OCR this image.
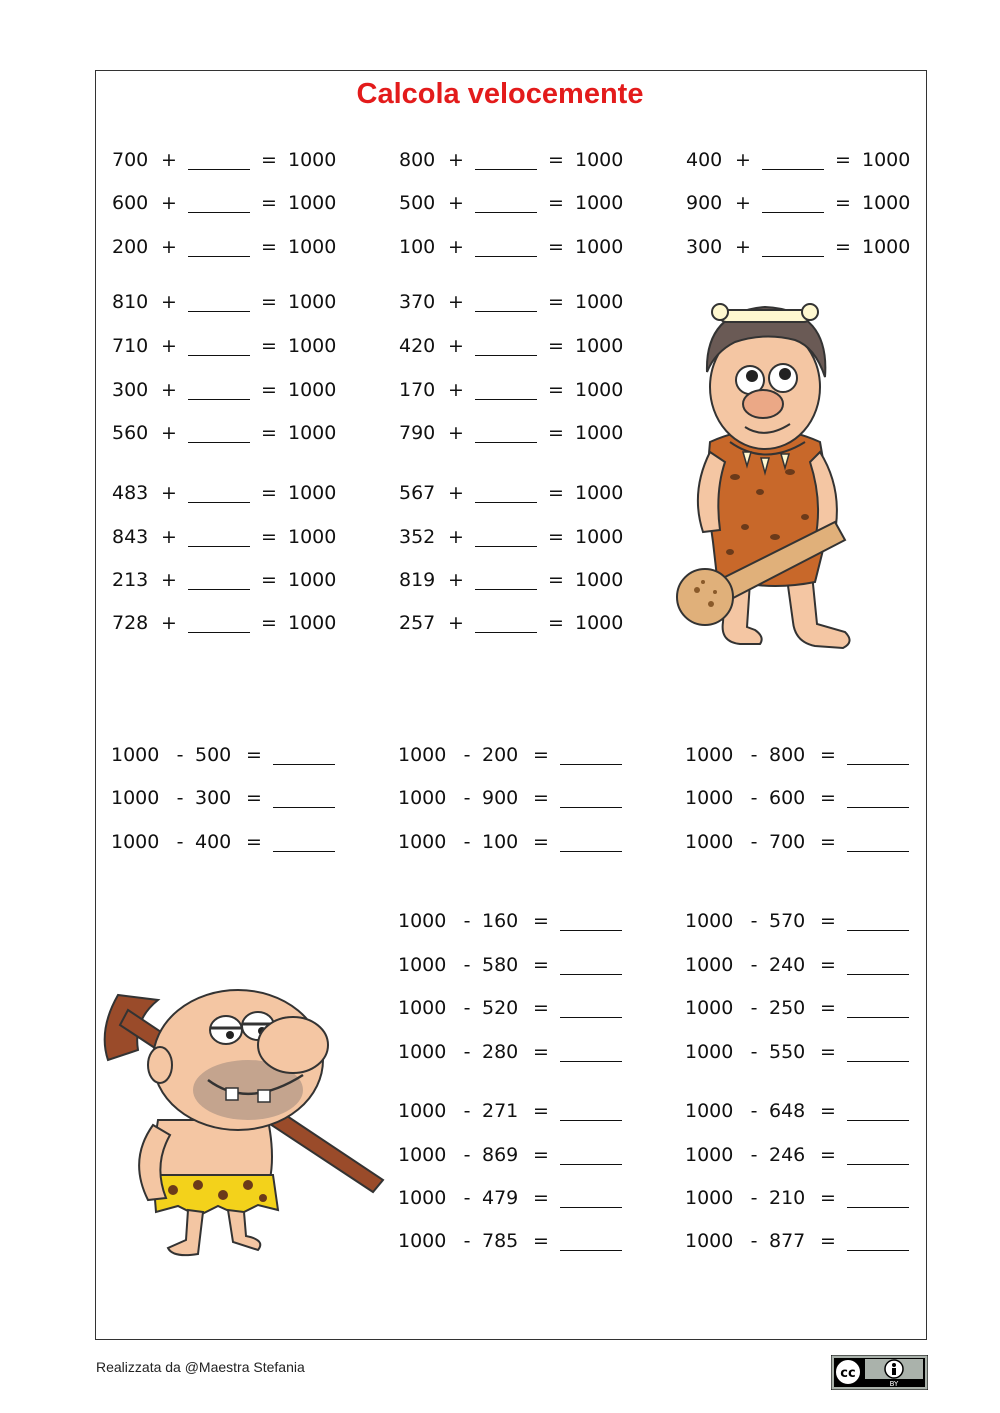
Calcola velocemente
700 +	= 1000
600 +	= 1000
200 +	= 1000
810 +	= 1000
710 +	= 1000
300 +	= 1000
560 +	= 1000
483 +	= 1000
843 +	= 1000
213 +	= 1000
728 +	= 1000
800 +	= 1000
500 +	= 1000
100 +	= 1000
370 +	= 1000
420 +	= 1000
170 +	= 1000
790 +	= 1000
567 +	= 1000
352 +	= 1000
819 +	= 1000
257 +	= 1000
400 +	= 1000
900 +	= 1000
300 +	= 1000
1000 - 500 =
1000 - 300 =
1000 - 400 =
1000 - 200 =
1000 - 900 =
1000 - 100 =
1000 - 160 =
1000 - 580 =
1000 - 520 =
1000 - 280 =
1000 - 271 =
1000 - 869 =
1000 - 479 =
1000 - 785 =
1000 - 800 =
1000 - 600 =
1000 - 700 =
1000 - 570 =
1000 - 240 =
1000 - 250 =
1000 - 550 =
1000 - 648 =
1000 - 246 =
1000 - 210 =
1000 - 877 =
Realizzata da @Maestra Stefania	cc
BY
